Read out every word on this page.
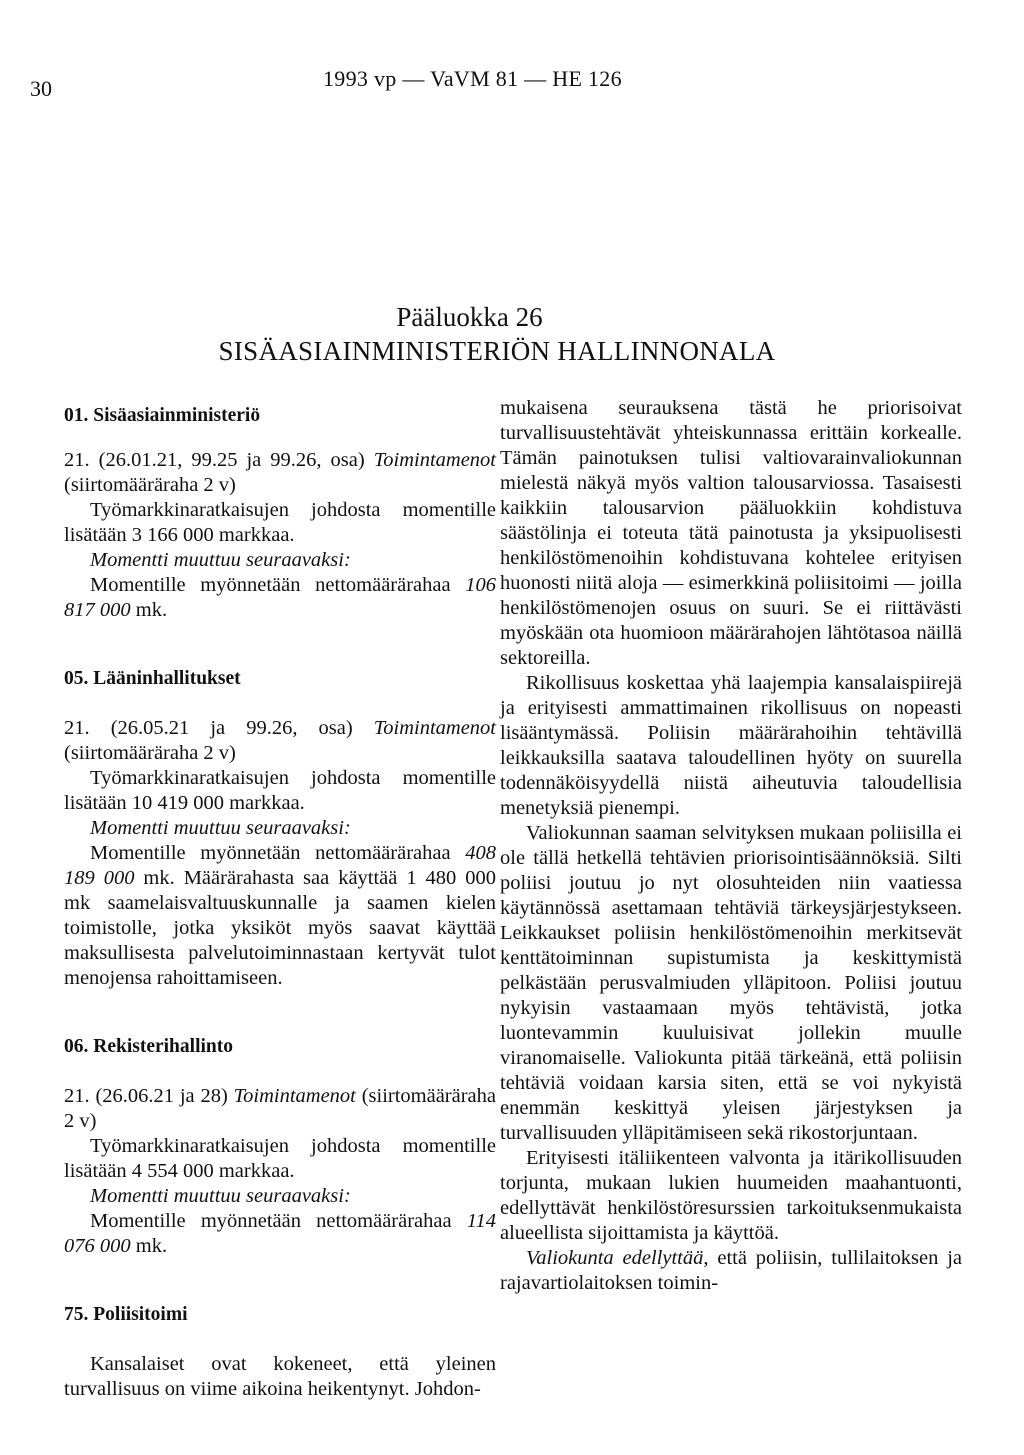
30	1993 vp — VaVM 81 — HE 126
Pääluokka 26
SISÄASIAINMINISTERIÖN HALLINNONALA

01. Sisäasiainministeriö

21. (26.01.21, 99.25 ja 99.26, osa) Toimintamenot (siirtomääräraha 2 v)

Työmarkkinaratkaisujen johdosta momentille lisätään 3 166 000 markkaa.

Momentti muuttuu seuraavaksi:

Momentille myönnetään nettomäärärahaa 106 817 000 mk.

05. Lääninhallitukset

21. (26.05.21 ja 99.26, osa) Toimintamenot (siirtomääräraha 2 v)

Työmarkkinaratkaisujen johdosta momentille lisätään 10 419 000 markkaa.

Momentti muuttuu seuraavaksi:

Momentille myönnetään nettomäärärahaa 408 189 000 mk. Määrärahasta saa käyttää 1 480 000 mk saamelaisvaltuuskunnalle ja saamen kielen toimistolle, jotka yksiköt myös saavat käyttää maksullisesta palvelutoiminnastaan kertyvät tulot menojensa rahoittamiseen.

06. Rekisterihallinto

21. (26.06.21 ja 28) Toimintamenot (siirtomääräraha 2 v)

Työmarkkinaratkaisujen johdosta momentille lisätään 4 554 000 markkaa.

Momentti muuttuu seuraavaksi:

Momentille myönnetään nettomäärärahaa 114 076 000 mk.

75. Poliisitoimi

Kansalaiset ovat kokeneet, että yleinen turvallisuus on viime aikoina heikentynyt. Johdon-

mukaisena seurauksena tästä he priorisoivat turvallisuustehtävät yhteiskunnassa erittäin korkealle. Tämän painotuksen tulisi valtiovarainvaliokunnan mielestä näkyä myös valtion talousarviossa. Tasaisesti kaikkiin talousarvion pääluokkiin kohdistuva säästölinja ei toteuta tätä painotusta ja yksipuolisesti henkilöstömenoihin kohdistuvana kohtelee erityisen huonosti niitä aloja — esimerkkinä poliisitoimi — joilla henkilöstömenojen osuus on suuri. Se ei riittävästi myöskään ota huomioon määrärahojen lähtötasoa näillä sektoreilla.

Rikollisuus koskettaa yhä laajempia kansalaispiirejä ja erityisesti ammattimainen rikollisuus on nopeasti lisääntymässä. Poliisin määrärahoihin tehtävillä leikkauksilla saatava taloudellinen hyöty on suurella todennäköisyydellä niistä aiheutuvia taloudellisia menetyksiä pienempi.

Valiokunnan saaman selvityksen mukaan poliisilla ei ole tällä hetkellä tehtävien priorisointisäännöksiä. Silti poliisi joutuu jo nyt olosuhteiden niin vaatiessa käytännössä asettamaan tehtäviä tärkeysjärjestykseen. Leikkaukset poliisin henkilöstömenoihin merkitsevät kenttätoiminnan supistumista ja keskittymistä pelkästään perusvalmiuden ylläpitoon. Poliisi joutuu nykyisin vastaamaan myös tehtävistä, jotka luontevammin kuuluisivat jollekin muulle viranomaiselle. Valiokunta pitää tärkeänä, että poliisin tehtäviä voidaan karsia siten, että se voi nykyistä enemmän keskittyä yleisen järjestyksen ja turvallisuuden ylläpitämiseen sekä rikostorjuntaan.

Erityisesti itäliikenteen valvonta ja itärikollisuuden torjunta, mukaan lukien huumeiden maahantuonti, edellyttävät henkilöstöresurssien tarkoituksenmukaista alueellista sijoittamista ja käyttöä.

Valiokunta edellyttää, että poliisin, tullilaitoksen ja rajavartiolaitoksen toimin-
